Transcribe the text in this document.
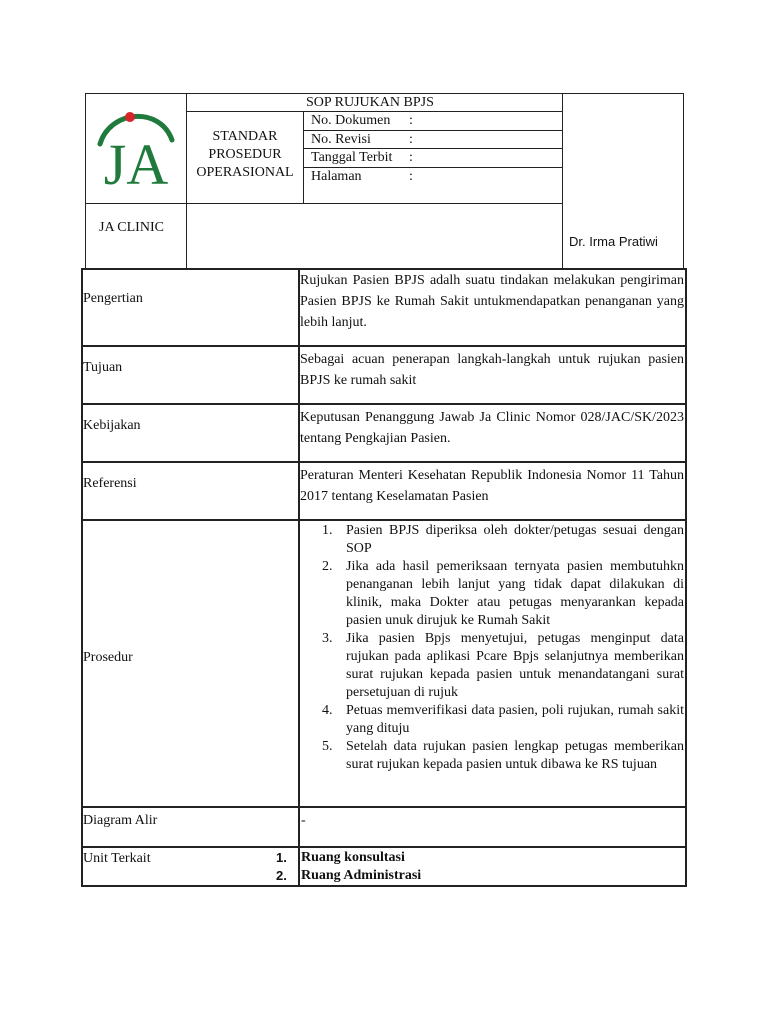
JA
SOP RUJUKAN BPJS
STANDAR
PROSEDUR
OPERASIONAL
No. Dokumen :
No. Revisi	:
Tanggal Terbit :
Halaman	:
JA CLINIC
Dr. Irma Pratiwi
Pengertian
Rujukan Pasien BPJS adalh suatu tindakan melakukan pengiriman Pasien BPJS ke Rumah Sakit untukmendapatkan penanganan yang lebih lanjut.
Tujuan
Sebagai acuan penerapan langkah-langkah untuk rujukan pasien BPJS ke rumah sakit
Kebijakan
Keputusan Penanggung Jawab Ja Clinic Nomor 028/JAC/SK/2023 tentang Pengkajian Pasien.
Referensi
Peraturan Menteri Kesehatan Republik Indonesia Nomor 11 Tahun 2017 tentang Keselamatan Pasien
Prosedur
1. Pasien BPJS diperiksa oleh dokter/petugas sesuai dengan SOP
2. Jika ada hasil pemeriksaan ternyata pasien membutuhkn penanganan lebih lanjut yang tidak dapat dilakukan di klinik, maka Dokter atau petugas menyarankan kepada pasien unuk dirujuk ke Rumah Sakit
3. Jika pasien Bpjs menyetujui, petugas menginput data rujukan pada aplikasi Pcare Bpjs selanjutnya memberikan surat rujukan kepada pasien untuk menandatangani surat persetujuan di rujuk
4. Petuas memverifikasi data pasien, poli rujukan, rumah sakit yang dituju
5. Setelah data rujukan pasien lengkap petugas memberikan surat rujukan kepada pasien untuk dibawa ke RS tujuan
Diagram Alir	-
Unit Terkait	1. Ruang konsultasi
2. Ruang Administrasi
